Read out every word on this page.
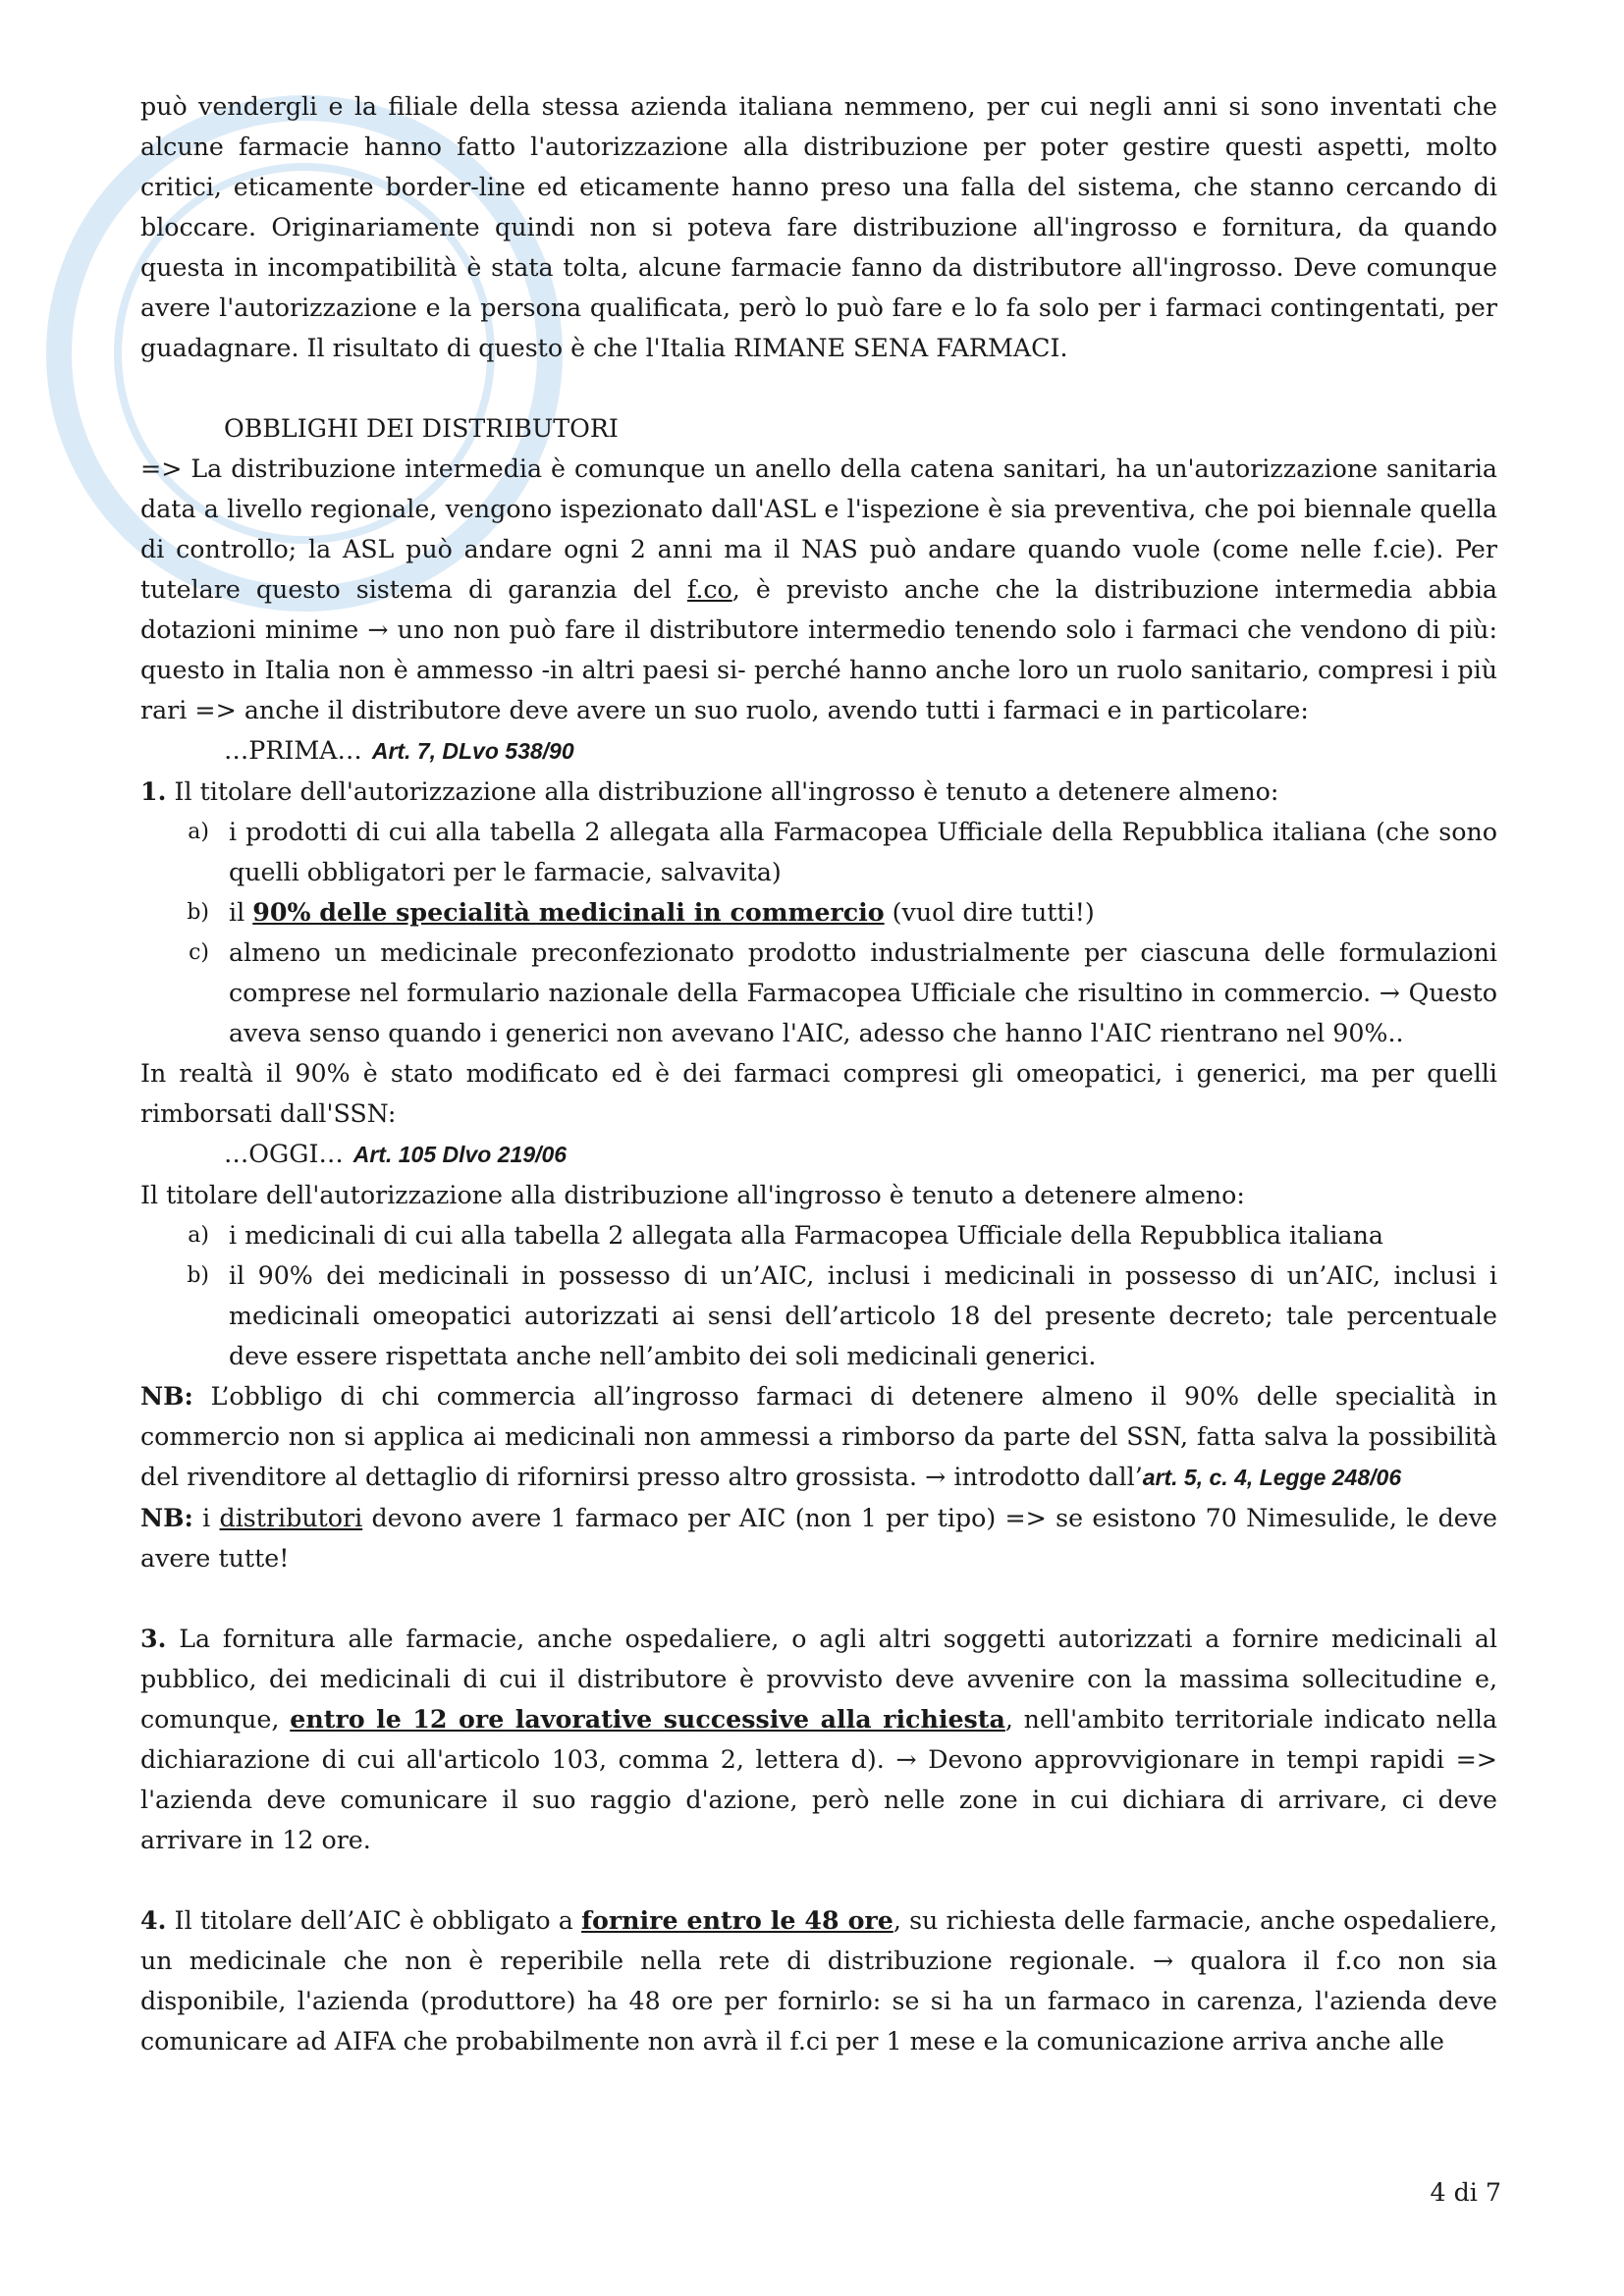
può vendergli e la filiale della stessa azienda italiana nemmeno, per cui negli anni si sono inventati che alcune farmacie hanno fatto l'autorizzazione alla distribuzione per poter gestire questi aspetti, molto critici, eticamente border-line ed eticamente hanno preso una falla del sistema, che stanno cercando di bloccare. Originariamente quindi non si poteva fare distribuzione all'ingrosso e fornitura, da quando questa in incompatibilità è stata tolta, alcune farmacie fanno da distributore all'ingrosso. Deve comunque avere l'autorizzazione e la persona qualificata, però lo può fare e lo fa solo per i farmaci contingentati, per guadagnare. Il risultato di questo è che l'Italia RIMANE SENA FARMACI.

OBBLIGHI DEI DISTRIBUTORI

=> La distribuzione intermedia è comunque un anello della catena sanitari, ha un'autorizzazione sanitaria data a livello regionale, vengono ispezionato dall'ASL e l'ispezione è sia preventiva, che poi biennale quella di controllo; la ASL può andare ogni 2 anni ma il NAS può andare quando vuole (come nelle f.cie). Per tutelare questo sistema di garanzia del f.co, è previsto anche che la distribuzione intermedia abbia dotazioni minime → uno non può fare il distributore intermedio tenendo solo i farmaci che vendono di più: questo in Italia non è ammesso -in altri paesi si- perché hanno anche loro un ruolo sanitario, compresi i più rari => anche il distributore deve avere un suo ruolo, avendo tutti i farmaci e in particolare:

…PRIMA… Art. 7, DLvo 538/90

1. Il titolare dell'autorizzazione alla distribuzione all'ingrosso è tenuto a detenere almeno:

a) i prodotti di cui alla tabella 2 allegata alla Farmacopea Ufficiale della Repubblica italiana (che sono quelli obbligatori per le farmacie, salvavita)
b) il 90% delle specialità medicinali in commercio (vuol dire tutti!)
c) almeno un medicinale preconfezionato prodotto industrialmente per ciascuna delle formulazioni comprese nel formulario nazionale della Farmacopea Ufficiale che risultino in commercio. → Questo aveva senso quando i generici non avevano l'AIC, adesso che hanno l'AIC rientrano nel 90%..

In realtà il 90% è stato modificato ed è dei farmaci compresi gli omeopatici, i generici, ma per quelli rimborsati dall'SSN:

…OGGI… Art. 105 Dlvo 219/06

Il titolare dell'autorizzazione alla distribuzione all'ingrosso è tenuto a detenere almeno:

a) i medicinali di cui alla tabella 2 allegata alla Farmacopea Ufficiale della Repubblica italiana
b) il 90% dei medicinali in possesso di un’AIC, inclusi i medicinali in possesso di un’AIC, inclusi i medicinali omeopatici autorizzati ai sensi dell’articolo 18 del presente decreto; tale percentuale deve essere rispettata anche nell’ambito dei soli medicinali generici.

NB: L’obbligo di chi commercia all’ingrosso farmaci di detenere almeno il 90% delle specialità in commercio non si applica ai medicinali non ammessi a rimborso da parte del SSN, fatta salva la possibilità del rivenditore al dettaglio di rifornirsi presso altro grossista. → introdotto dall’art. 5, c. 4, Legge 248/06

NB: i distributori devono avere 1 farmaco per AIC (non 1 per tipo) => se esistono 70 Nimesulide, le deve avere tutte!

3. La fornitura alle farmacie, anche ospedaliere, o agli altri soggetti autorizzati a fornire medicinali al pubblico, dei medicinali di cui il distributore è provvisto deve avvenire con la massima sollecitudine e, comunque, entro le 12 ore lavorative successive alla richiesta, nell'ambito territoriale indicato nella dichiarazione di cui all'articolo 103, comma 2, lettera d). → Devono approvvigionare in tempi rapidi => l'azienda deve comunicare il suo raggio d'azione, però nelle zone in cui dichiara di arrivare, ci deve arrivare in 12 ore.

4. Il titolare dell’AIC è obbligato a fornire entro le 48 ore, su richiesta delle farmacie, anche ospedaliere, un medicinale che non è reperibile nella rete di distribuzione regionale. → qualora il f.co non sia disponibile, l'azienda (produttore) ha 48 ore per fornirlo: se si ha un farmaco in carenza, l'azienda deve comunicare ad AIFA che probabilmente non avrà il f.ci per 1 mese e la comunicazione arriva anche alle

4 di 7
